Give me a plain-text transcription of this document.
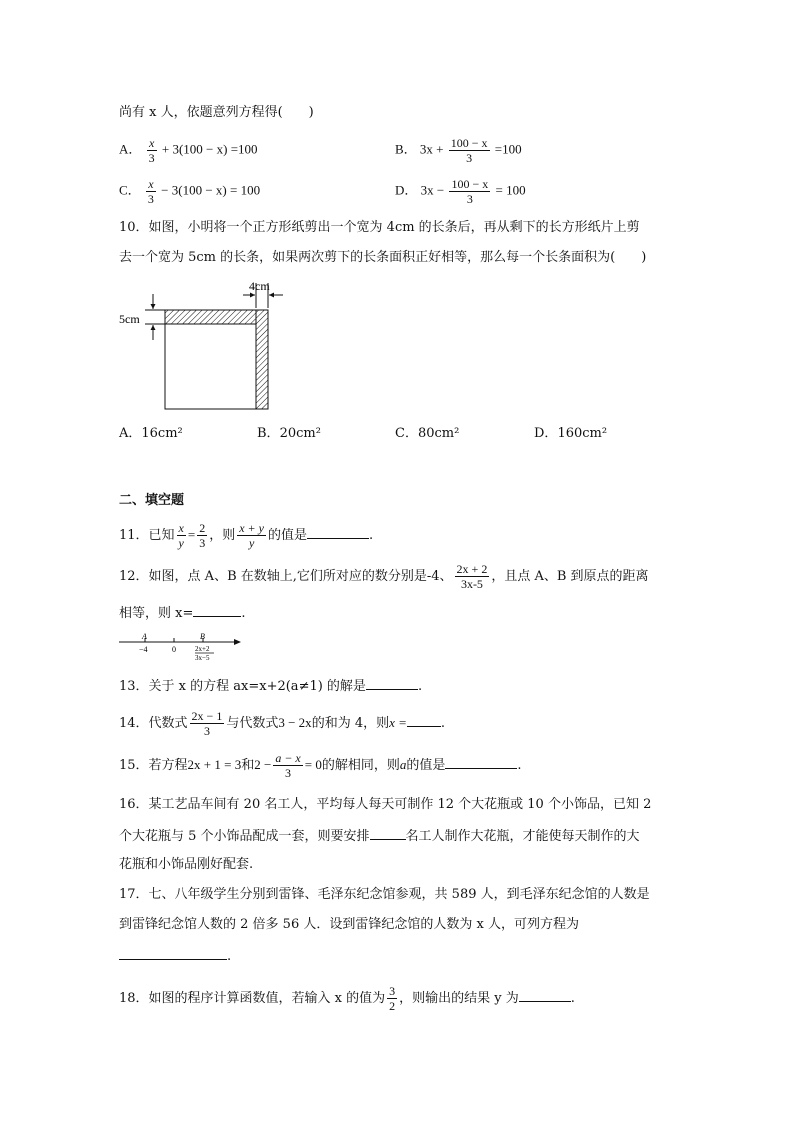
尚有 x 人，依题意列方程得(　　)
A． $\frac{x}{3} + 3(100 - x) =100$	B． $3x + \frac{100 - x}{3} =100$
C． $\frac{x}{3} - 3(100 - x) = 100$	D． $3x - \frac{100 - x}{3} = 100$
10．如图，小明将一个正方形纸剪出一个宽为 4cm 的长条后，再从剩下的长方形纸片上剪
去一个宽为 5cm 的长条，如果两次剪下的长条面积正好相等，那么每一个长条面积为(　　)
4cm
5cm
A．16cm²	B．20cm²	C．80cm²	D．160cm²
二、填空题
11．已知 $\frac{x}{y} = \frac{2}{3}$ ，则 $\frac{x + y}{y}$ 的值是	.
12．如图，点 A、B 在数轴上,它们所对应的数分别是-4、 $\frac{2x + 2}{3x-5}$ ，且点 A、B 到原点的距离
相等，则 x=	.
A	B
−4	0	2x+2
3x−5
13．关于 x 的方程 ax=x+2(a≠1) 的解是	.
14．代数式 $\frac{2x - 1}{3}$ 与代数式3 − 2x的和为 4，则x =	.
15．若方程2x + 1 = 3和$2 - \frac{a - x}{3} = 0$的解相同，则a的值是	.
16．某工艺品车间有 20 名工人，平均每人每天可制作 12 个大花瓶或 10 个小饰品，已知 2
个大花瓶与 5 个小饰品配成一套，则要安排	名工人制作大花瓶，才能使每天制作的大
花瓶和小饰品刚好配套.
17．七、八年级学生分别到雷锋、毛泽东纪念馆参观，共 589 人，到毛泽东纪念馆的人数是
到雷锋纪念馆人数的 2 倍多 56 人．设到雷锋纪念馆的人数为 x 人，可列方程为
.
18．如图的程序计算函数值，若输入 x 的值为 $\frac{3}{2}$ ，则输出的结果 y 为	.
